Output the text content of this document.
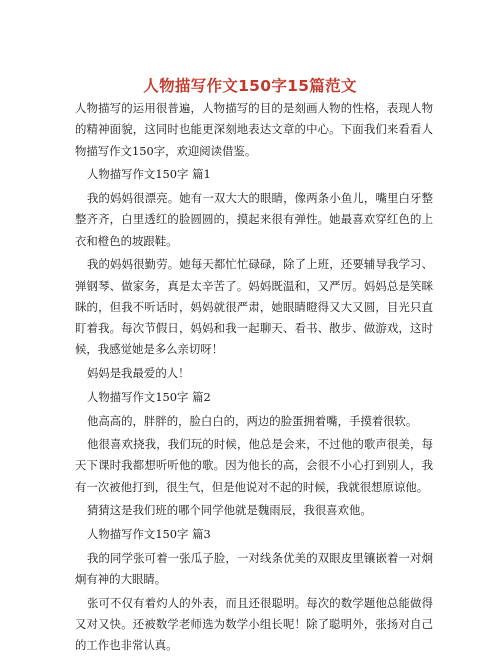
人物描写作文150字15篇范文

人物描写的运用很普遍，人物描写的目的是刻画人物的性格，表现人物的精神面貌，这同时也能更深刻地表达文章的中心。下面我们来看看人物描写作文150字，欢迎阅读借鉴。

人物描写作文150字 篇1

我的妈妈很漂亮。她有一双大大的眼睛，像两条小鱼儿，嘴里白牙整整齐齐，白里透红的脸圆圆的，摸起来很有弹性。她最喜欢穿红色的上衣和橙色的坡跟鞋。

我的妈妈很勤劳。她每天都忙忙碌碌，除了上班，还要辅导我学习、弹钢琴、做家务，真是太辛苦了。妈妈既温和，又严厉。妈妈总是笑眯眯的，但我不听话时，妈妈就很严肃，她眼睛瞪得又大又圆，目光只直盯着我。每次节假日，妈妈和我一起聊天、看书、散步、做游戏，这时候，我感觉她是多么亲切呀！

妈妈是我最爱的人！

人物描写作文150字 篇2

他高高的，胖胖的，脸白白的，两边的脸蛋拥着嘴，手摸着很软。

他很喜欢挠我，我们玩的时候，他总是会来，不过他的歌声很美，每天下课时我都想听听他的歌。因为他长的高，会很不小心打到别人，我有一次被他打到，很生气，但是他说对不起的时候，我就很想原谅他。

猜猜这是我们班的哪个同学他就是魏雨辰，我很喜欢他。

人物描写作文150字 篇3

我的同学张可着一张瓜子脸，一对线条优美的双眼皮里镶嵌着一对炯炯有神的大眼睛。

张可不仅有着灼人的外表，而且还很聪明。每次的数学题他总能做得又对又快。还被数学老师选为数学小组长呢！除了聪明外，张扬对自己的工作也非常认真。
